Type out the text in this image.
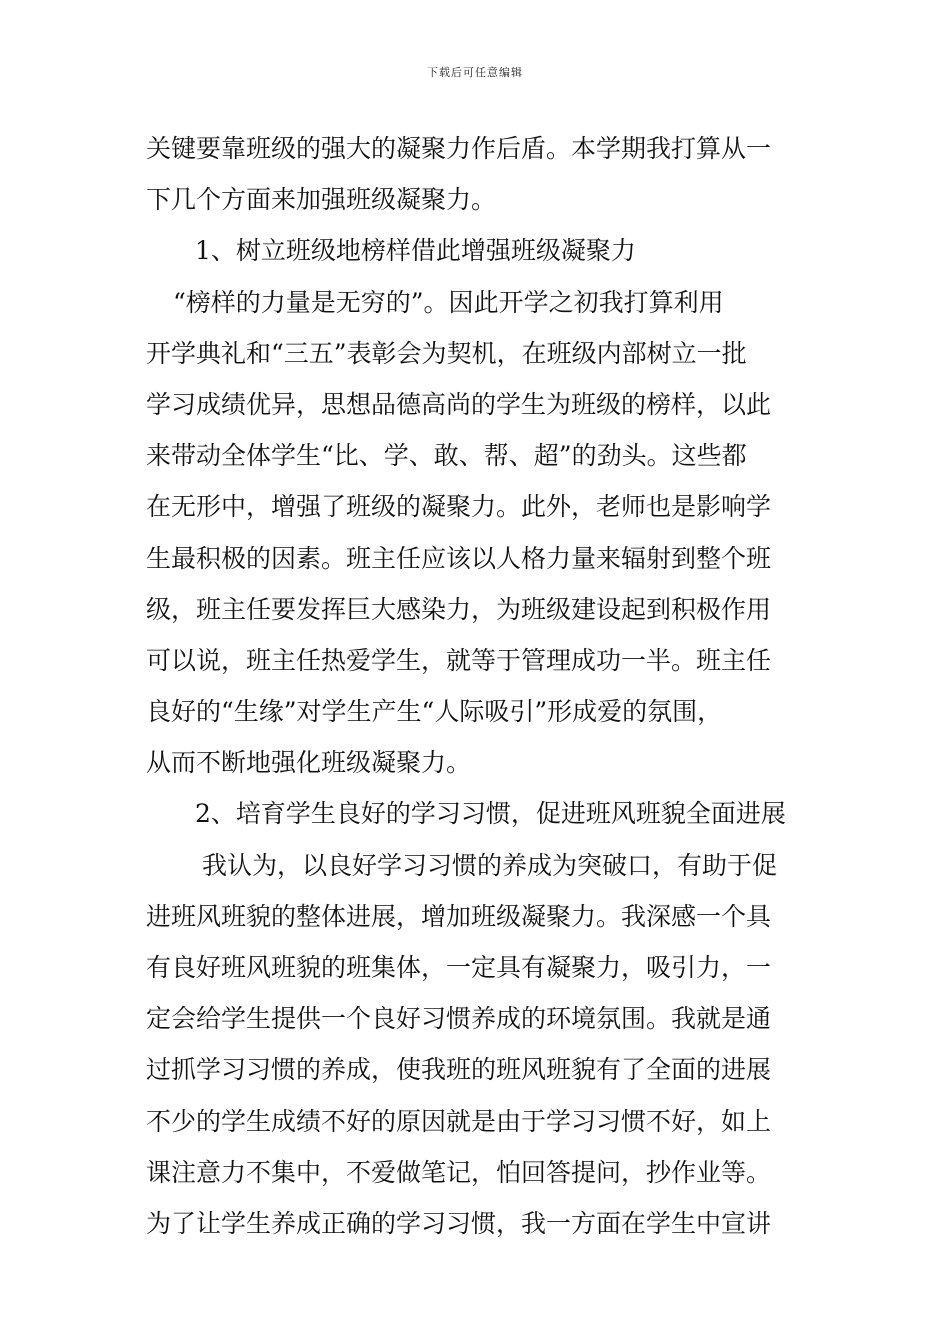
下载后可任意编辑
关键要靠班级的强大的凝聚力作后盾。本学期我打算从一
下几个方面来加强班级凝聚力。
1、树立班级地榜样借此增强班级凝聚力
“榜样的力量是无穷的”。因此开学之初我打算利用
开学典礼和“三五”表彰会为契机，在班级内部树立一批
学习成绩优异，思想品德高尚的学生为班级的榜样，以此
来带动全体学生“比、学、敢、帮、超”的劲头。这些都
在无形中，增强了班级的凝聚力。此外，老师也是影响学
生最积极的因素。班主任应该以人格力量来辐射到整个班
级，班主任要发挥巨大感染力，为班级建设起到积极作用
可以说，班主任热爱学生，就等于管理成功一半。班主任
良好的“生缘”对学生产生“人际吸引”形成爱的氛围，
从而不断地强化班级凝聚力。
2、培育学生良好的学习习惯，促进班风班貌全面进展
我认为，以良好学习习惯的养成为突破口，有助于促
进班风班貌的整体进展，增加班级凝聚力。我深感一个具
有良好班风班貌的班集体，一定具有凝聚力，吸引力，一
定会给学生提供一个良好习惯养成的环境氛围。我就是通
过抓学习习惯的养成，使我班的班风班貌有了全面的进展
不少的学生成绩不好的原因就是由于学习习惯不好，如上
课注意力不集中，不爱做笔记，怕回答提问，抄作业等。
为了让学生养成正确的学习习惯，我一方面在学生中宣讲
